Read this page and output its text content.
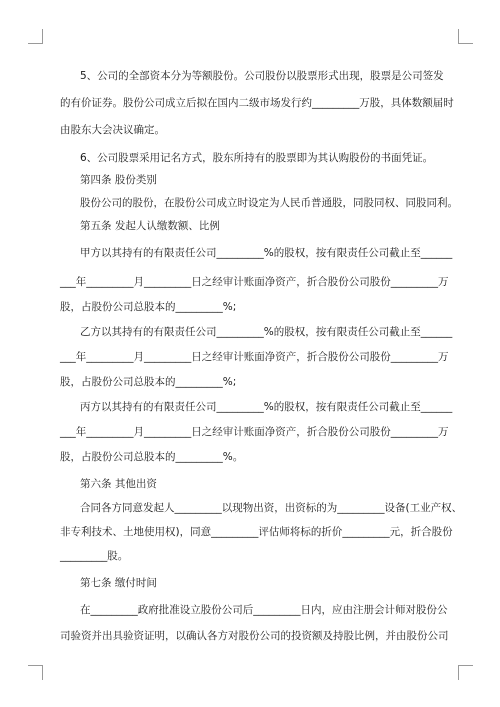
5、公司的全部资本分为等额股份。公司股份以股票形式出现，股票是公司签发
的有价证券。股份公司成立后拟在国内二级市场发行约_________万股，具体数额届时
由股东大会决议确定。
6、公司股票采用记名方式，股东所持有的股票即为其认购股份的书面凭证。
第四条 股份类别
股份公司的股份，在股份公司成立时设定为人民币普通股，同股同权、同股同利。
第五条 发起人认缴数额、比例
甲方以其持有的有限责任公司_________%的股权，按有限责任公司截止至______
___年_________月_________日之经审计账面净资产，折合股份公司股份_________万
股，占股份公司总股本的_________%;
乙方以其持有的有限责任公司_________%的股权，按有限责任公司截止至______
___年_________月_________日之经审计账面净资产，折合股份公司股份_________万
股，占股份公司总股本的_________%;
丙方以其持有的有限责任公司_________%的股权，按有限责任公司截止至______
___年_________月_________日之经审计账面净资产，折合股份公司股份_________万
股，占股份公司总股本的_________%。
第六条 其他出资
合同各方同意发起人_________以现物出资，出资标的为_________设备(工业产权、
非专利技术、土地使用权)，同意_________评估师将标的折价_________元，折合股份
_________股。
第七条 缴付时间
在_________政府批准设立股份公司后_________日内，应由注册会计师对股份公
司验资并出具验资证明，以确认各方对股份公司的投资额及持股比例，并由股份公司
